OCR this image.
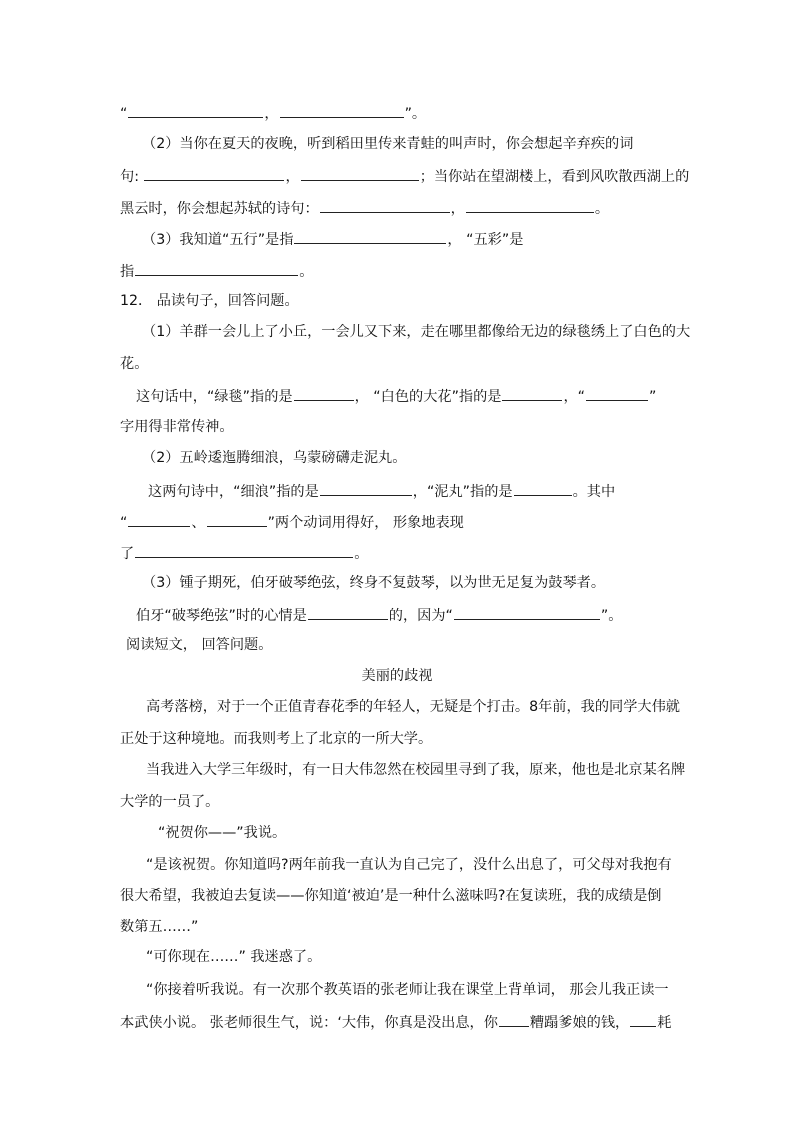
“	，	”。
（2）当你在夏天的夜晚，听到稻田里传来青蛙的叫声时，你会想起辛弃疾的词
句:	，	；当你站在望湖楼上，看到风吹散西湖上的
黑云时，你会想起苏轼的诗句：	，	。
（3）我知道“五行”是指	， “五彩”是
指	。
12． 品读句子，回答问题。
（1）羊群一会儿上了小丘，一会儿又下来，走在哪里都像给无边的绿毯绣上了白色的大
花。
这句话中，“绿毯”指的是	， “白色的大花”指的是	，“	”
字用得非常传神。
（2）五岭逶迤腾细浪，乌蒙磅礴走泥丸。
这两句诗中，“细浪”指的是	，“泥丸”指的是	。其中
“	、	”两个动词用得好， 形象地表现
了	。
（3）锺子期死，伯牙破琴绝弦，终身不复鼓琴，以为世无足复为鼓琴者。
伯牙“破琴绝弦”时的心情是	的，因为“	”。
阅读短文， 回答问题。
美丽的歧视
高考落榜，对于一个正值青春花季的年轻人，无疑是个打击。8年前，我的同学大伟就
正处于这种境地。而我则考上了北京的一所大学。
当我进入大学三年级时，有一日大伟忽然在校园里寻到了我，原来，他也是北京某名牌
大学的一员了。
“祝贺你——”我说。
“是该祝贺。你知道吗?两年前我一直认为自己完了，没什么出息了，可父母对我抱有
很大希望，我被迫去复读——你知道‘被迫’是一种什么滋味吗?在复读班，我的成绩是倒
数第五……”
“可你现在……” 我迷惑了。
“你接着听我说。有一次那个教英语的张老师让我在课堂上背单词， 那会儿我正读一
本武侠小说。 张老师很生气，说：‘大伟，你真是没出息，你 糟蹋爹娘的钱， 耗
